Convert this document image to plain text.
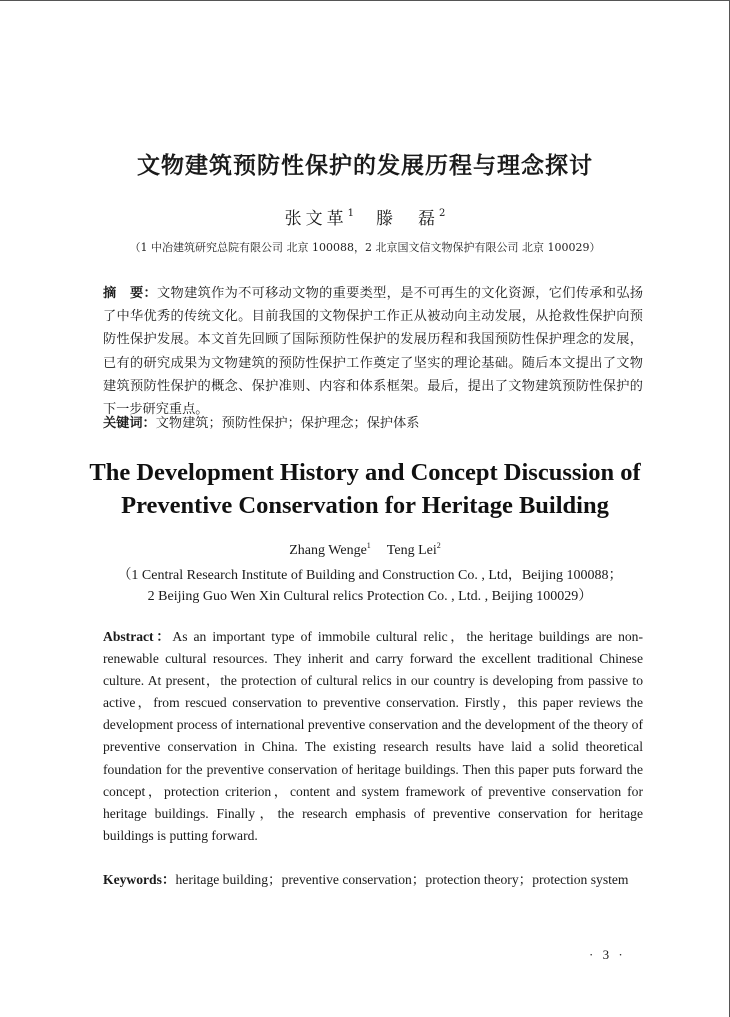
文物建筑预防性保护的发展历程与理念探讨
张文革$^1$ 滕　磊$^2$
（1 中冶建筑研究总院有限公司 北京 100088，2 北京国文信文物保护有限公司 北京 100029）
摘　要：文物建筑作为不可移动文物的重要类型，是不可再生的文化资源，它们传承和弘扬了中华优秀的传统文化。目前我国的文物保护工作正从被动向主动发展，从抢救性保护向预防性保护发展。本文首先回顾了国际预防性保护的发展历程和我国预防性保护理念的发展，已有的研究成果为文物建筑的预防性保护工作奠定了坚实的理论基础。随后本文提出了文物建筑预防性保护的概念、保护准则、内容和体系框架。最后，提出了文物建筑预防性保护的下一步研究重点。
关键词：文物建筑；预防性保护；保护理念；保护体系
The Development History and Concept Discussion of
Preventive Conservation for Heritage Building
Zhang Wenge$^1$ Teng Lei$^2$
（1 Central Research Institute of Building and Construction Co. , Ltd，Beijing 100088；
2 Beijing Guo Wen Xin Cultural relics Protection Co. , Ltd. , Beijing 100029）
Abstract：As an important type of immobile cultural relic，the heritage buildings are non-renewable cultural resources. They inherit and carry forward the excellent traditional Chinese culture. At present，the protection of cultural relics in our country is developing from passive to active，from rescued conservation to preventive conservation. Firstly，this paper reviews the development process of international preventive conservation and the development of the theory of preventive conservation in China. The existing research results have laid a solid theoretical foundation for the preventive conservation of heritage buildings. Then this paper puts forward the concept，protection criterion，content and system framework of preventive conservation for heritage buildings. Finally，the research emphasis of preventive conservation for heritage buildings is putting forward.
Keywords：heritage building；preventive conservation；protection theory；protection system
· 3 ·
